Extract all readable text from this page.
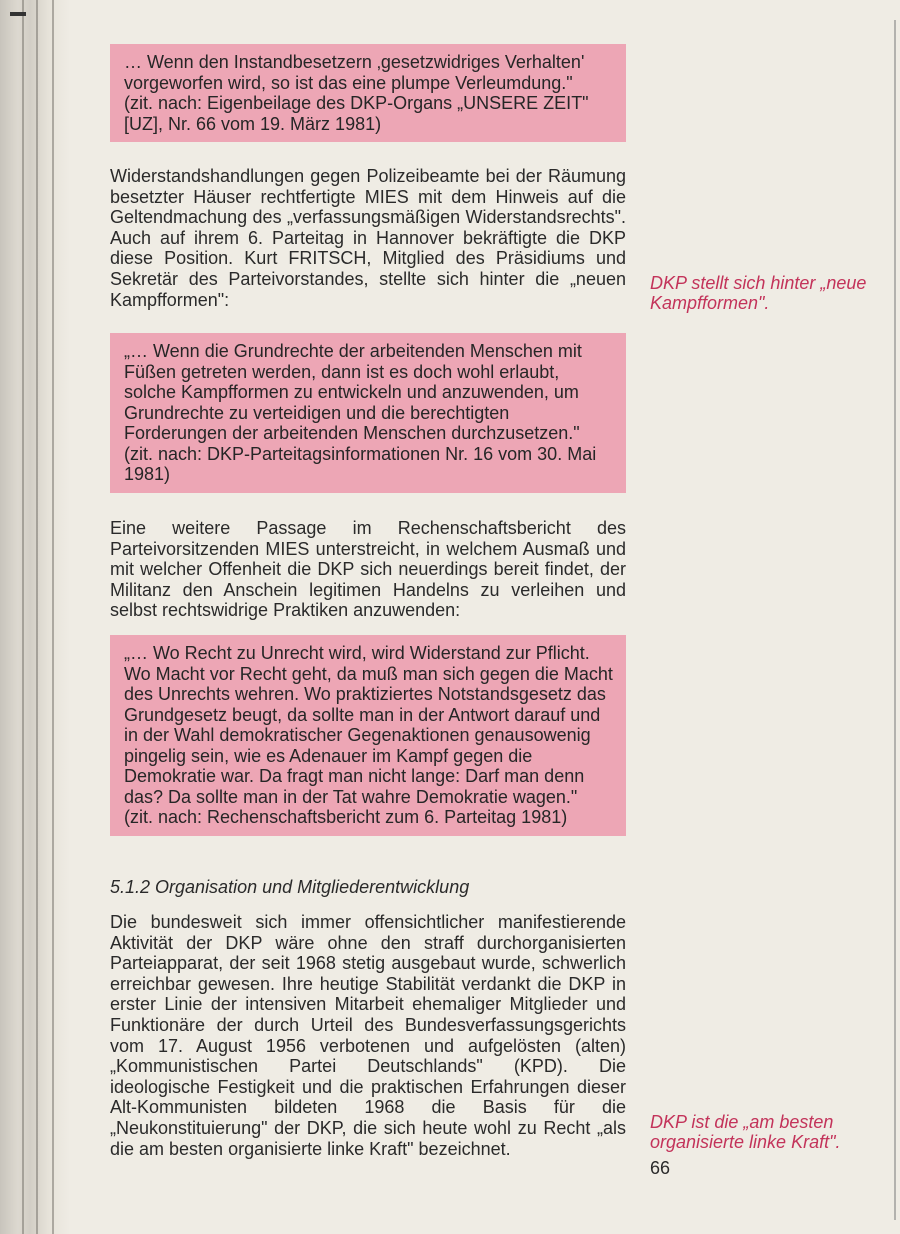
… Wenn den Instandbesetzern ‚gesetzwidriges Verhalten' vorgeworfen wird, so ist das eine plumpe Verleumdung."

(zit. nach: Eigenbeilage des DKP-Organs „UNSERE ZEIT" [UZ], Nr. 66 vom 19. März 1981)

Widerstandshandlungen gegen Polizeibeamte bei der Räumung besetzter Häuser rechtfertigte MIES mit dem Hinweis auf die Geltendmachung des „verfassungsmäßigen Widerstandsrechts". Auch auf ihrem 6. Parteitag in Hannover bekräftigte die DKP diese Position. Kurt FRITSCH, Mitglied des Präsidiums und Sekretär des Parteivorstandes, stellte sich hinter die „neuen Kampfformen":

DKP stellt sich hinter „neue Kampfformen".

„… Wenn die Grundrechte der arbeitenden Menschen mit Füßen getreten werden, dann ist es doch wohl erlaubt, solche Kampfformen zu entwickeln und anzuwenden, um Grundrechte zu verteidigen und die berechtigten Forderungen der arbeitenden Menschen durchzusetzen."

(zit. nach: DKP-Parteitagsinformationen Nr. 16 vom 30. Mai 1981)

Eine weitere Passage im Rechenschaftsbericht des Parteivorsitzenden MIES unterstreicht, in welchem Ausmaß und mit welcher Offenheit die DKP sich neuerdings bereit findet, der Militanz den Anschein legitimen Handelns zu verleihen und selbst rechtswidrige Praktiken anzuwenden:

„… Wo Recht zu Unrecht wird, wird Widerstand zur Pflicht. Wo Macht vor Recht geht, da muß man sich gegen die Macht des Unrechts wehren. Wo praktiziertes Notstandsgesetz das Grundgesetz beugt, da sollte man in der Antwort darauf und in der Wahl demokratischer Gegenaktionen genausowenig pingelig sein, wie es Adenauer im Kampf gegen die Demokratie war. Da fragt man nicht lange: Darf man denn das? Da sollte man in der Tat wahre Demokratie wagen."

(zit. nach: Rechenschaftsbericht zum 6. Parteitag 1981)

5.1.2 Organisation und Mitgliederentwicklung

Die bundesweit sich immer offensichtlicher manifestierende Aktivität der DKP wäre ohne den straff durchorganisierten Parteiapparat, der seit 1968 stetig ausgebaut wurde, schwerlich erreichbar gewesen. Ihre heutige Stabilität verdankt die DKP in erster Linie der intensiven Mitarbeit ehemaliger Mitglieder und Funktionäre der durch Urteil des Bundesverfassungsgerichts vom 17. August 1956 verbotenen und aufgelösten (alten) „Kommunistischen Partei Deutschlands" (KPD). Die ideologische Festigkeit und die praktischen Erfahrungen dieser Alt-Kommunisten bildeten 1968 die Basis für die „Neukonstituierung" der DKP, die sich heute wohl zu Recht „als die am besten organisierte linke Kraft" bezeichnet.

DKP ist die „am besten organisierte linke Kraft".
66
